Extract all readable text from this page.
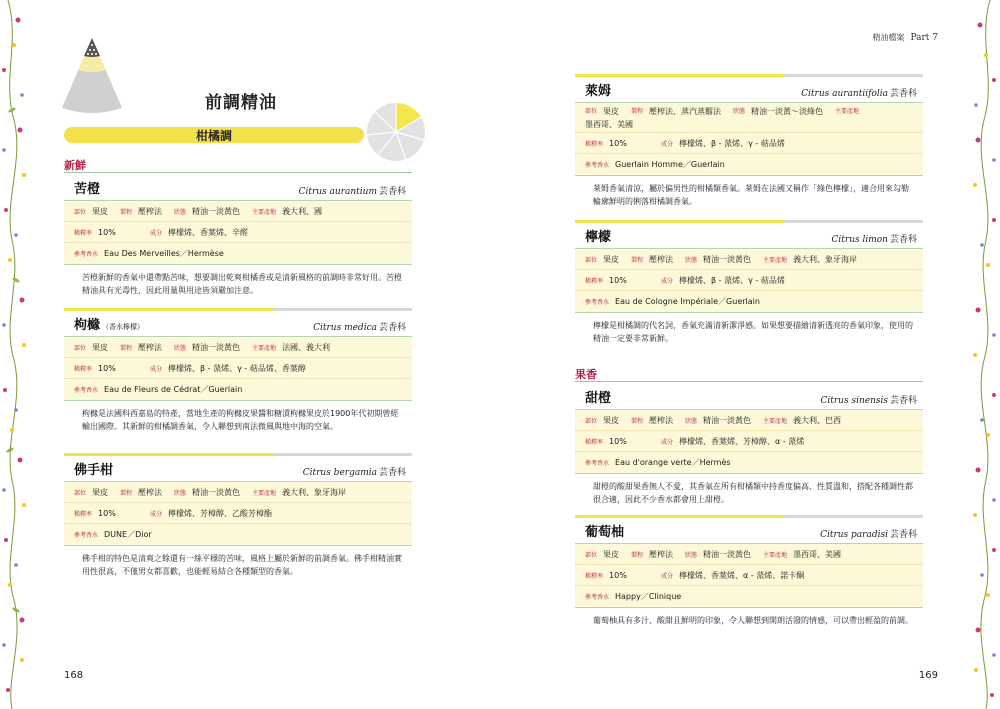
前調精油
柑橘調
新鮮
苦橙	Citrus aurantium 芸香科
部位 果皮 製程 壓榨法 狀態 精油一淡黃色 主要產地 義大利、國
稀釋率 10%	成分 檸檬烯、香葉烯、辛醛
參考香水 Eau Des Merveilles／Hermèse
苦橙新鮮的香氣中還帶點苦味，想要調出乾爽柑橘香或是清新風格的前調時非常好用。苦橙精油具有光毒性，因此用量與用途皆須嚴加注意。
枸櫞 （香水檸檬）	Citrus medica 芸香科
部位 果皮 製程 壓榨法 狀態 精油一淡黃色 主要產地 法國、義大利
稀釋率 10%	成分 檸檬烯、β - 蒎烯、γ - 萜品烯、香葉醇
參考香水 Eau de Fleurs de Cédrat／Guerlain
枸櫞是法國科西嘉島的特產，當地生產的枸櫞皮果醬和糖漬枸櫞果皮於1900年代初期曾經輸出國際。其新鮮的柑橘調香氣，令人聯想到南法微風與地中海的空氣。
佛手柑	Citrus bergamia 芸香科
部位 果皮 製程 壓榨法 狀態 精油一淡黃色 主要產地 義大利、象牙海岸
稀釋率 10%	成分 檸檬烯、芳樟醇、乙酸芳樟酯
參考香水 DUNE／Dior
佛手柑的特色是清爽之餘還有一絲平穩的苦味，風格上屬於新鮮的前調香氣。佛手柑精油實用性很高，不僅男女都喜歡，也能輕易結合各種類型的香氣。
168
精油檔案 Part 7
萊姆	Citrus aurantiifolia 芸香科
部位 果皮 製程 壓榨法、蒸汽蒸餾法 狀態 精油一淡黃～淡綠色 主要產地
墨西哥、美國
稀釋率 10%	成分 檸檬烯、β - 蒎烯、γ - 萜品烯
參考香水 Guerlain Homme／Guerlain
萊姆香氣清涼，屬於偏男性的柑橘類香氣。萊姆在法國又稱作「綠色檸檬」，適合用來勾勒輪廓鮮明的俐落柑橘調香氣。
檸檬	Citrus limon 芸香科
部位 果皮 製程 壓榨法 狀態 精油一淡黃色 主要產地 義大利、象牙海岸
稀釋率 10%	成分 檸檬烯、β - 蒎烯、γ - 萜品烯
參考香水 Eau de Cologne Impériale／Guerlain
檸檬是柑橘調的代名詞，香氣充滿清新潔淨感。如果想要描繪清新透亮的香氣印象，使用的精油一定要非常新鮮。
果香
甜橙	Citrus sinensis 芸香科
部位 果皮 製程 壓榨法 狀態 精油一淡黃色 主要產地 義大利、巴西
稀釋率 10%	成分 檸檬烯、香葉烯、芳樟醇、α - 蒎烯
參考香水 Eau d'orange verte／Hermès
甜橙的酸甜果香無人不愛，其香氣在所有柑橘類中持香度偏高、性質溫和，搭配各種調性都很合適，因此不少香水都會用上甜橙。
葡萄柚	Citrus paradisi 芸香科
部位 果皮 製程 壓榨法 狀態 精油一淡黃色 主要產地 墨西哥、美國
稀釋率 10%	成分 檸檬烯、香葉烯、α - 蒎烯、諾卡酮
參考香水 Happy／Clinique
葡萄柚具有多汁、酸甜且鮮明的印象，令人聯想到開朗活潑的情感，可以帶出輕盈的前調。
169
